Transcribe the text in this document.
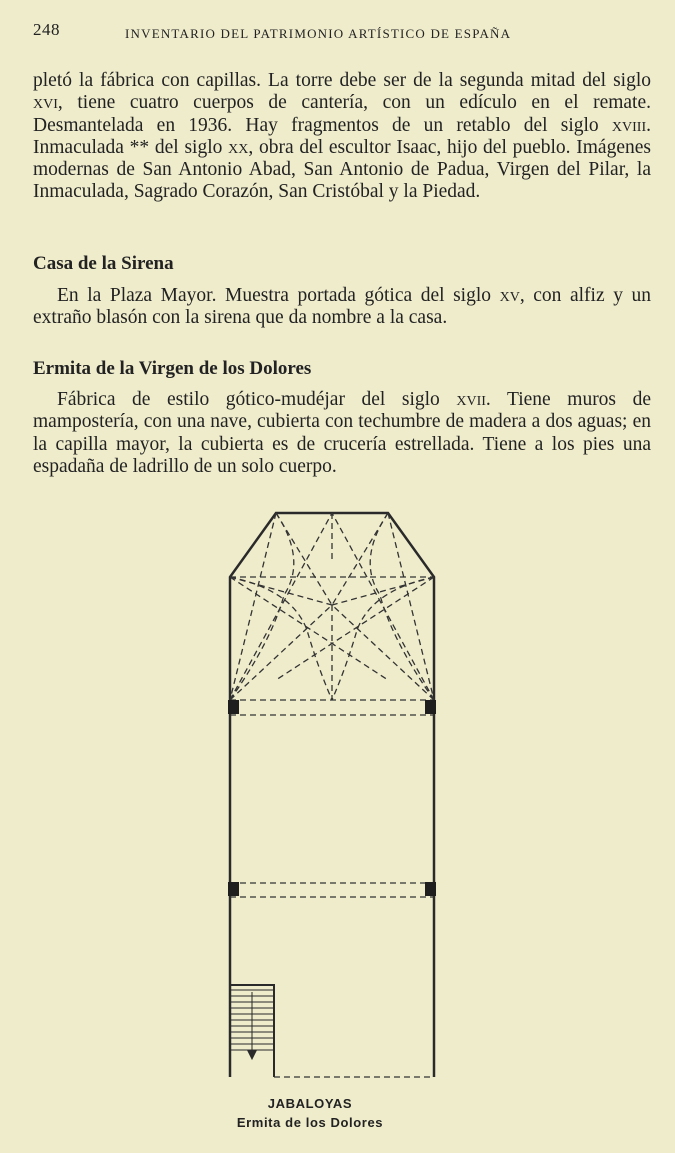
248	INVENTARIO DEL PATRIMONIO ARTÍSTICO DE ESPAÑA

pletó la fábrica con capillas. La torre debe ser de la segunda mitad del siglo xvi, tiene cuatro cuerpos de cantería, con un edículo en el remate. Desmantelada en 1936. Hay fragmentos de un retablo del siglo xviii. Inmaculada ** del siglo xx, obra del escultor Isaac, hijo del pueblo. Imágenes modernas de San Antonio Abad, San Antonio de Padua, Virgen del Pilar, la Inmaculada, Sagrado Corazón, San Cristóbal y la Piedad.

Casa de la Sirena

En la Plaza Mayor. Muestra portada gótica del siglo xv, con alfiz y un extraño blasón con la sirena que da nombre a la casa.

Ermita de la Virgen de los Dolores

Fábrica de estilo gótico-mudéjar del siglo xvii. Tiene muros de mampostería, con una nave, cubierta con techumbre de madera a dos aguas; en la capilla mayor, la cubierta es de crucería estrellada. Tiene a los pies una espadaña de ladrillo de un solo cuerpo.

JABALOYAS
Ermita de los Dolores
